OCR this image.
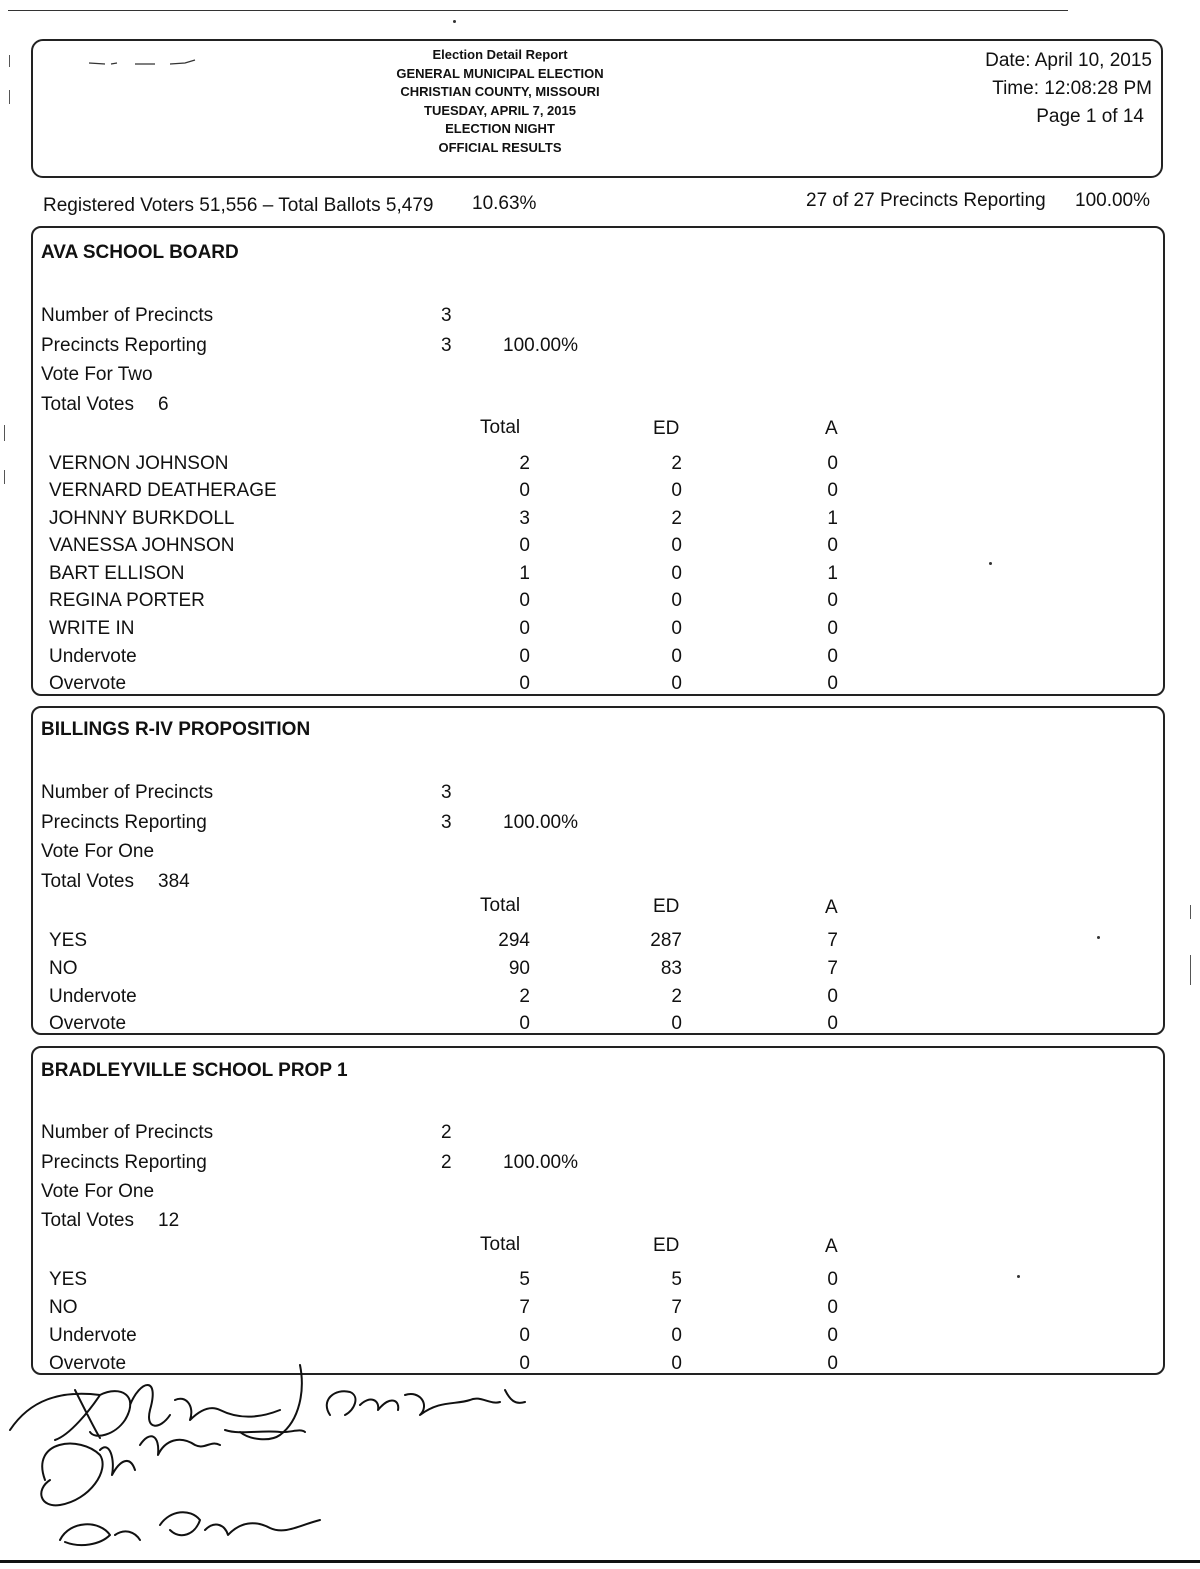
Election Detail Report
GENERAL MUNICIPAL ELECTION
CHRISTIAN COUNTY, MISSOURI
TUESDAY, APRIL 7, 2015
ELECTION NIGHT
OFFICIAL RESULTS
Date: April 10, 2015
Time: 12:08:28 PM
Page 1 of 14
Registered Voters 51,556 – Total Ballots 5,479 10.63%	27 of 27 Precincts Reporting 100.00%
AVA SCHOOL BOARD
Number of Precincts	3
Precincts Reporting	3	100.00%
Vote For Two
Total Votes 6
Total	ED	A
VERNON JOHNSON	2	2	0
VERNARD DEATHERAGE	0	0	0
JOHNNY BURKDOLL	3	2	1
VANESSA JOHNSON	0	0	0
BART ELLISON	1	0	1
REGINA PORTER	0	0	0
WRITE IN	0	0	0
Undervote	0	0	0
Overvote	0	0	0
BILLINGS R-IV PROPOSITION
Number of Precincts	3
Precincts Reporting	3	100.00%
Vote For One
Total Votes 384
Total	ED	A
YES	294	287	7
NO	90	83	7
Undervote	2	2	0
Overvote	0	0	0
BRADLEYVILLE SCHOOL PROP 1
Number of Precincts	2
Precincts Reporting	2	100.00%
Vote For One
Total Votes 12
Total	ED	A
YES	5	5	0
NO	7	7	0
Undervote	0	0	0
Overvote	0	0	0
